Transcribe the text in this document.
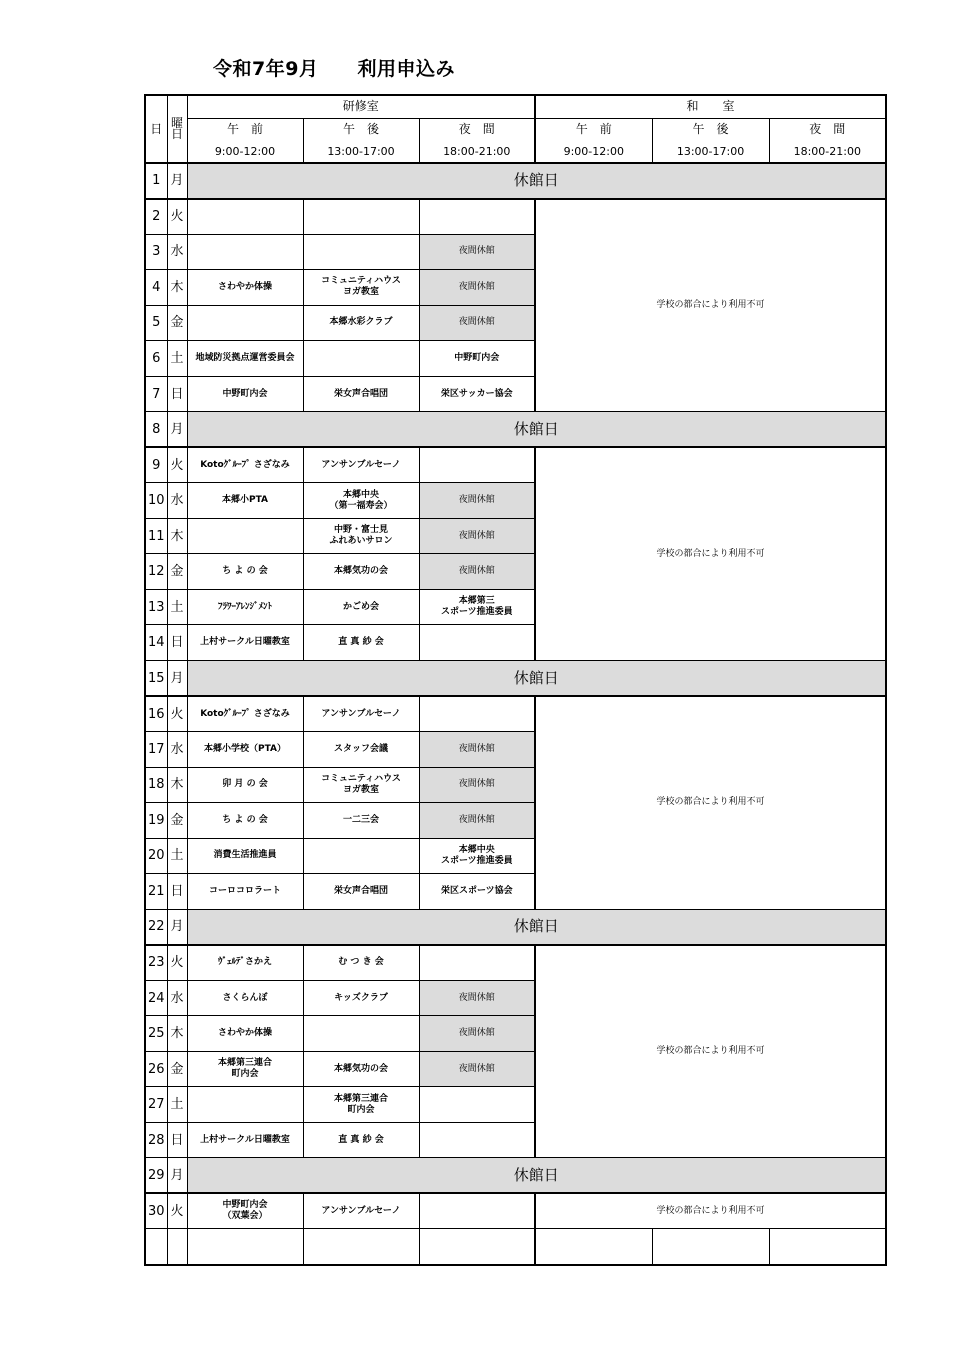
令和7年9月　　利用申込み
日	曜
日	研修室			和　　室		
		午　前	午　後	夜　間	午　前	午　後	夜　間
		9:00-12:00	13:00-17:00	18:00-21:00	9:00-12:00	13:00-17:00	18:00-21:00
1	月	休館日					
2	火				学校の都合により利用不可		
3	水			夜間休館			
4	木	さわやか体操	コミュニティハウス
ヨガ教室	夜間休館			
5	金		本郷水彩クラブ	夜間休館			
6	土	地域防災拠点運営委員会		中野町内会			
7	日	中野町内会	栄女声合唱団	栄区サッカー協会			
8	月	休館日					
9	火	Kotoｸﾞﾙｰﾌﾟ さざなみ	アンサンブルセーノ		学校の都合により利用不可		
10	水	本郷小PTA	本郷中央
（第一福寿会）	夜間休館			
11	木		中野・富士見
ふれあいサロン	夜間休館			
12	金	ち よ の 会	本郷気功の会	夜間休館			
13	土	ﾌﾗﾜｰｱﾚﾝｼﾞﾒﾝﾄ	かごめ会	本郷第三
スポーツ推進委員			
14	日	上村サークル日曜教室	直 真 紗 会				
15	月	休館日					
16	火	Kotoｸﾞﾙｰﾌﾟ さざなみ	アンサンブルセーノ		学校の都合により利用不可		
17	水	本郷小学校（PTA）	スタッフ会議	夜間休館			
18	木	卯 月 の 会	コミュニティハウス
ヨガ教室	夜間休館			
19	金	ち よ の 会	一二三会	夜間休館			
20	土	消費生活推進員		本郷中央
スポーツ推進委員			
21	日	コーロコロラート	栄女声合唱団	栄区スポーツ協会			
22	月	休館日					
23	火	ｳﾞｪﾙﾃﾞさかえ	む つ き 会		学校の都合により利用不可		
24	水	さくらんぼ	キッズクラブ	夜間休館			
25	木	さわやか体操		夜間休館			
26	金	本郷第三連合
町内会	本郷気功の会	夜間休館			
27	土		本郷第三連合
町内会				
28	日	上村サークル日曜教室	直 真 紗 会				
29	月	休館日					
30	火	中野町内会
（双葉会）	アンサンブルセーノ		学校の都合により利用不可		
